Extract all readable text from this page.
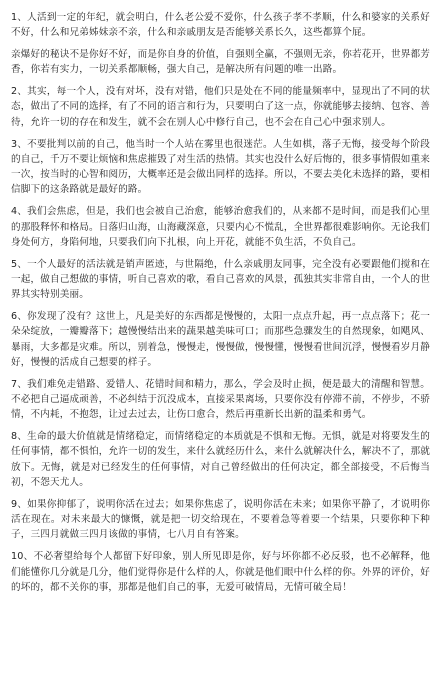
1、人活到一定的年纪，就会明白，什么老公爱不爱你，什么孩子孝不孝顺，什么和婆家的关系好不好，什么和兄弟姊妹亲不亲，什么和亲戚朋友是否能够关系长久，这些都算个屁。

亲爆好的秘诀不是你好不好，而是你自身的价值，自强则全赢，不强则无亲，你若花开，世界都芳香，你若有实力，一切关系都顺畅，强大自己，是解决所有问题的唯一出路。

2、其实，每一个人，没有对坏，没有对错，他们只是处在不同的能量频率中，显现出了不同的状态，做出了不同的选择，有了不同的语言和行为，只要明白了这一点，你就能够去接纳、包容、善待，允许一切的存在和发生，就不会在别人心中修行自己，也不会在自己心中强求别人。

3、不要批判以前的自己，他当时一个人站在雾里也很迷茫。人生如棋，落子无悔，接受每个阶段的自己，千万不要让烦恼和焦虑摧毁了对生活的热情。其实也没什么好后悔的，很多事情假如重来一次，按当时的心智和阅历，大概率还是会做出同样的选择。所以，不要去美化未选择的路，要相信脚下的这条路就是最好的路。

4、我们会焦虑，但是，我们也会被自己治愈，能够治愈我们的，从来都不是时间，而是我们心里的那股释怀和格局。日落归山海，山海藏深意，只要内心不慌乱，全世界都很难影响你。无论我们身处何方，身陷何地，只要我们向下扎根，向上开花，就能不负生活，不负自己。

5、一个人最好的活法就是销声匿迹，与世隔绝，什么亲戚朋友同事，完全没有必要跟他们搅和在一起，做自己想做的事情，听自己喜欢的歌，看自己喜欢的风景，孤独其实非常自由，一个人的世界其实特别美丽。

6、你发现了没有？这世上，凡是美好的东西都是慢慢的，太阳一点点升起，再一点点落下；花一朵朵绽放，一瓣瓣落下；越慢慢结出来的蔬果越美味可口；而那些急骤发生的自然现象，如飓风、暴雨，大多都是灾难。所以，别着急，慢慢走，慢慢做，慢慢懂，慢慢看世间沉浮，慢慢看岁月静好，慢慢的活成自己想要的样子。

7、我们难免走错路、爱错人、花错时间和精力，那么，学会及时止损，便是最大的清醒和智慧。不必把自己逼成顽善，不必纠结于沉没成本，直接采果离场，只要你没有停滞不前，不停步，不骄情，不内耗，不抱怨，让过去过去，让伤口愈合，然后再重新长出新的温柔和勇气。

8、生命的最大价值就是情绪稳定，而情绪稳定的本质就是不惧和无悔。无惧，就是对将要发生的任何事情，都不惧怕，允许一切的发生，来什么就经历什么，来什么就解决什么，解决不了，那就放下。无悔，就是对已经发生的任何事情，对自己曾经做出的任何决定，都全部接受，不后悔当初，不怨天尤人。

9、如果你抑郁了，说明你活在过去；如果你焦虑了，说明你活在未来；如果你平静了，才说明你活在现在。对未来最大的慷慨，就是把一切交给现在，不要着急等着要一个结果，只要你种下种子，三四月就做三四月该做的事情，七八月自有答案。

10、不必奢望给每个人都留下好印象，别人所见即是你，好与坏你都不必反驳，也不必解释，他们能懂你几分就是几分，他们觉得你是什么样的人，你就是他们眼中什么样的你。外界的评价，好的坏的，都不关你的事，那都是他们自己的事，无爱可破情局，无情可破全局！
